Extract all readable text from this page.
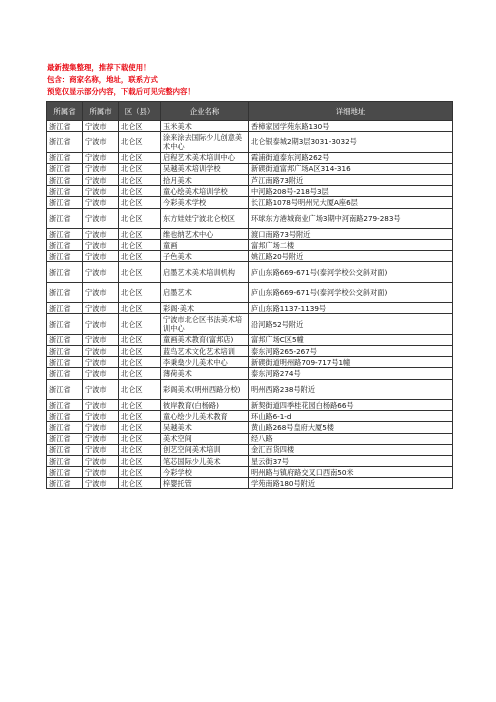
最新搜集整理，推荐下载使用！
包含：商家名称，地址，联系方式
预览仅显示部分内容，下载后可见完整内容！
所属省	所属市	区（县）	企业名称	详细地址
浙江省	宁波市	北仑区	玉米美术	香樟家园学苑东路130号
浙江省	宁波市	北仑区	涂来涂去国际少儿创意美术中心	北仑银泰城2期3层3031-3032号
浙江省	宁波市	北仑区	启程艺术美术培训中心	霞浦街道泰东河路262号
浙江省	宁波市	北仑区	吴越美术培训学校	新碶街道富邦广场A区314-316
浙江省	宁波市	北仑区	拾月美术	芦江南路73附近
浙江省	宁波市	北仑区	童心绘美术培训学校	中河路208号-218号3层
浙江省	宁波市	北仑区	今彩美术学校	长江路1078号明州兄大厦A座6层
浙江省	宁波市	北仑区	东方娃娃宁波北仑校区	环球东方港城商业广场3期中河南路279-283号
浙江省	宁波市	北仑区	维也纳艺术中心	渡口南路73号附近
浙江省	宁波市	北仑区	童画	富邦广场二楼
浙江省	宁波市	北仑区	子色美术	姚江路20号附近
浙江省	宁波市	北仑区	启墨艺术美术培训机构	庐山东路669-671号(泰河学校公交斜对面)
浙江省	宁波市	北仑区	启墨艺术	庐山东路669-671号(泰河学校公交斜对面)
浙江省	宁波市	北仑区	彩阁·美术	庐山东路1137-1139号
浙江省	宁波市	北仑区	宁波市北仑区书法美术培训中心	沿河路52号附近
浙江省	宁波市	北仑区	童画美术教育(富邦店)	富邦广场C区5幢
浙江省	宁波市	北仑区	蓝鸟艺术文化艺术培训	泰东河路265-267号
浙江省	宁波市	北仑区	李秉燊少儿美术中心	新碶街道明州路709-717号1幢
浙江省	宁波市	北仑区	薄荷美术	泰东河路274号
浙江省	宁波市	北仑区	彩阁美术(明州西路分校)	明州西路238号附近
浙江省	宁波市	北仑区	彼岸教育(白杨路)	新契街道四季桂花园白杨路66号
浙江省	宁波市	北仑区	童心绘少儿美术教育	环山路6-1-d
浙江省	宁波市	北仑区	吴越美术	黄山路268号皇府大厦5楼
浙江省	宁波市	北仑区	美术空间	经八路
浙江省	宁波市	北仑区	创艺空间美术培训	金汇百货四楼
浙江省	宁波市	北仑区	笔芯国际少儿美术	星云街37号
浙江省	宁波市	北仑区	今彩学校	明州路与镇府路交叉口西南50米
浙江省	宁波市	北仑区	梓婴托管	学苑南路180号附近
